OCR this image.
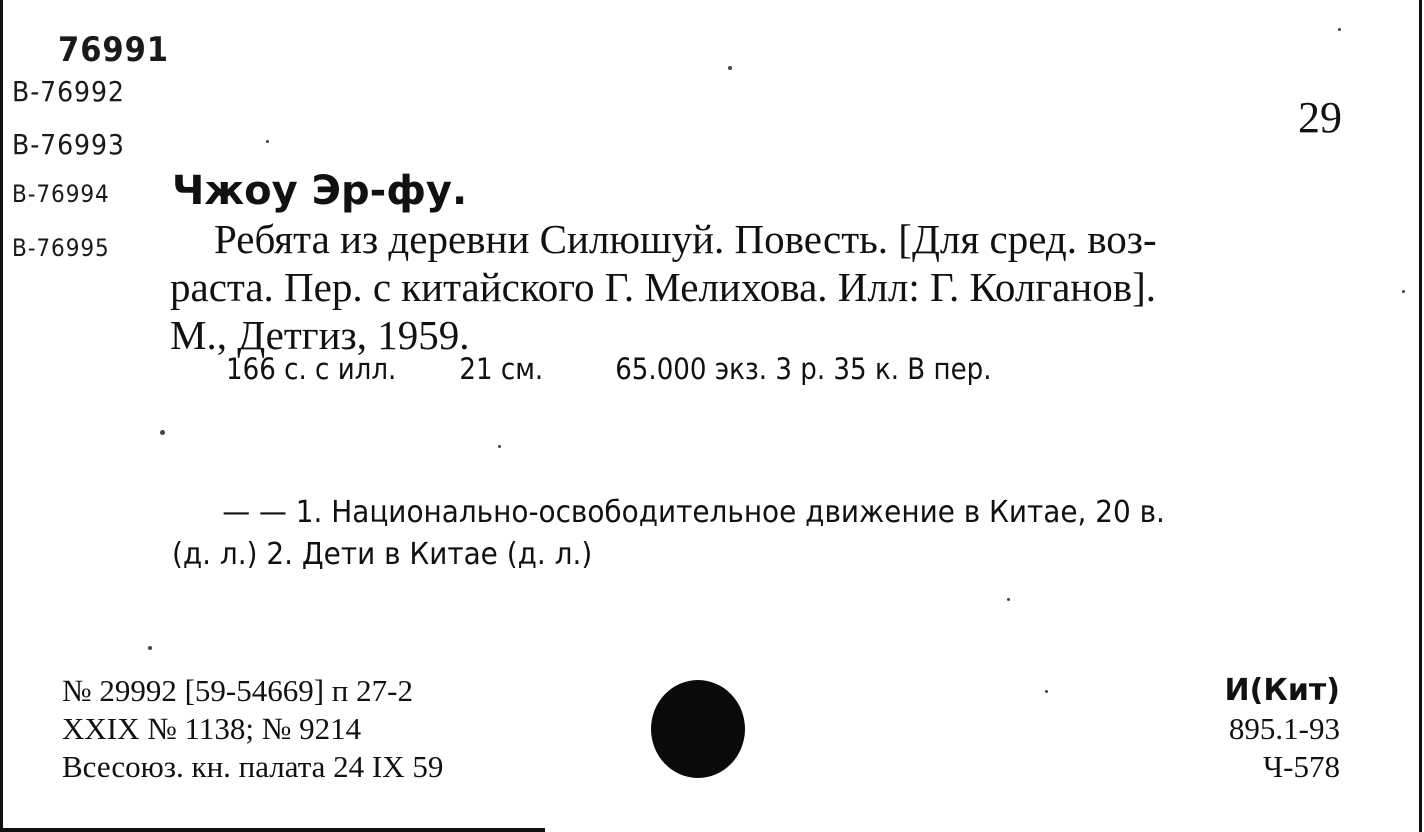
76991
B-76992
B-76993
B-76994
B-76995
29
Чжоу Эр-фу.
Ребята из деревни Силюшуй. Повесть. [Для сред. воз-
раста. Пер. с китайского Г. Мелихова. Илл: Г. Колганов].
М., Детгиз, 1959.
166 с. с илл. 21 см. 65.000 экз. 3 р. 35 к. В пер.
— — 1. Национально-освободительное движение в Китае, 20 в.
(д. л.) 2. Дети в Китае (д. л.)
№ 29992 [59-54669] п 27-2
XXIX № 1138; № 9214
Всесоюз. кн. палата 24 IX 59
И(Кит)
895.1-93
Ч-578
